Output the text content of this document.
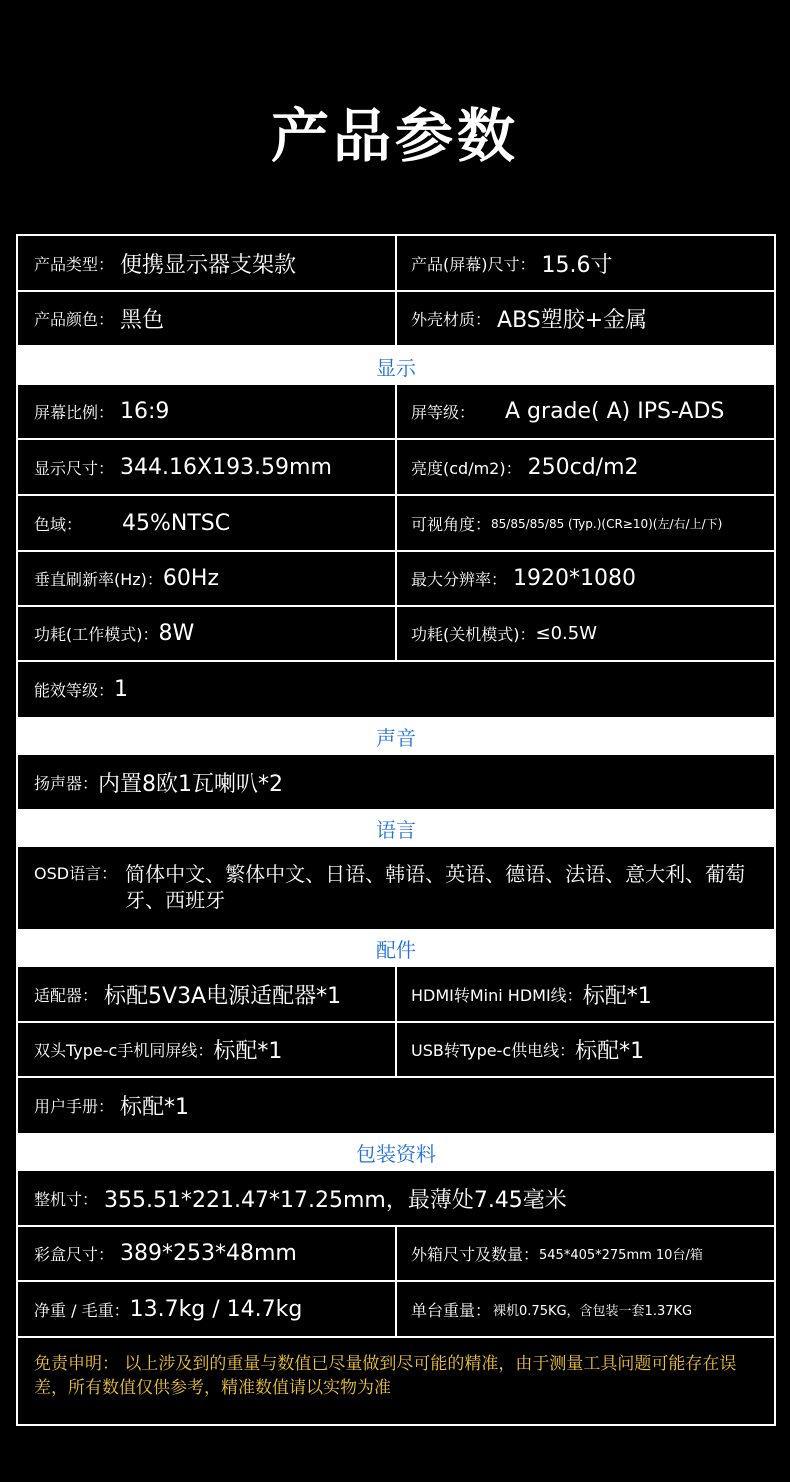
产品参数
产品类型： 便携显示器支架款	产品(屏幕)尺寸： 15.6寸
产品颜色： 黑色	外壳材质： ABS塑胶+金属
显示
屏幕比例： 16:9	屏等级： A grade( A) IPS-ADS
显示尺寸： 344.16X193.59mm	亮度(cd/m2)： 250cd/m2
色域： 45%NTSC	可视角度： 85/85/85/85 (Typ.)(CR≥10)(左/右/上/下)
垂直刷新率(Hz)： 60Hz	最大分辨率： 1920*1080
功耗(工作模式)： 8W	功耗(关机模式)： ≤0.5W
能效等级： 1
声音
扬声器： 内置8欧1瓦喇叭*2
语言
OSD语言： 简体中文、繁体中文、日语、韩语、英语、德语、法语、意大利、葡萄牙、西班牙
配件
适配器： 标配5V3A电源适配器*1	HDMI转Mini HDMI线： 标配*1
双头Type-c手机同屏线： 标配*1	USB转Type-c供电线： 标配*1
用户手册： 标配*1
包装资料
整机寸： 355.51*221.47*17.25mm，最薄处7.45毫米
彩盒尺寸： 389*253*48mm	外箱尺寸及数量： 545*405*275mm 10台/箱
净重 / 毛重： 13.7kg / 14.7kg	单台重量： 裸机0.75KG，含包装一套1.37KG
免责申明： 以上涉及到的重量与数值已尽量做到尽可能的精准，由于测量工具问题可能存在误差，所有数值仅供参考，精准数值请以实物为准
